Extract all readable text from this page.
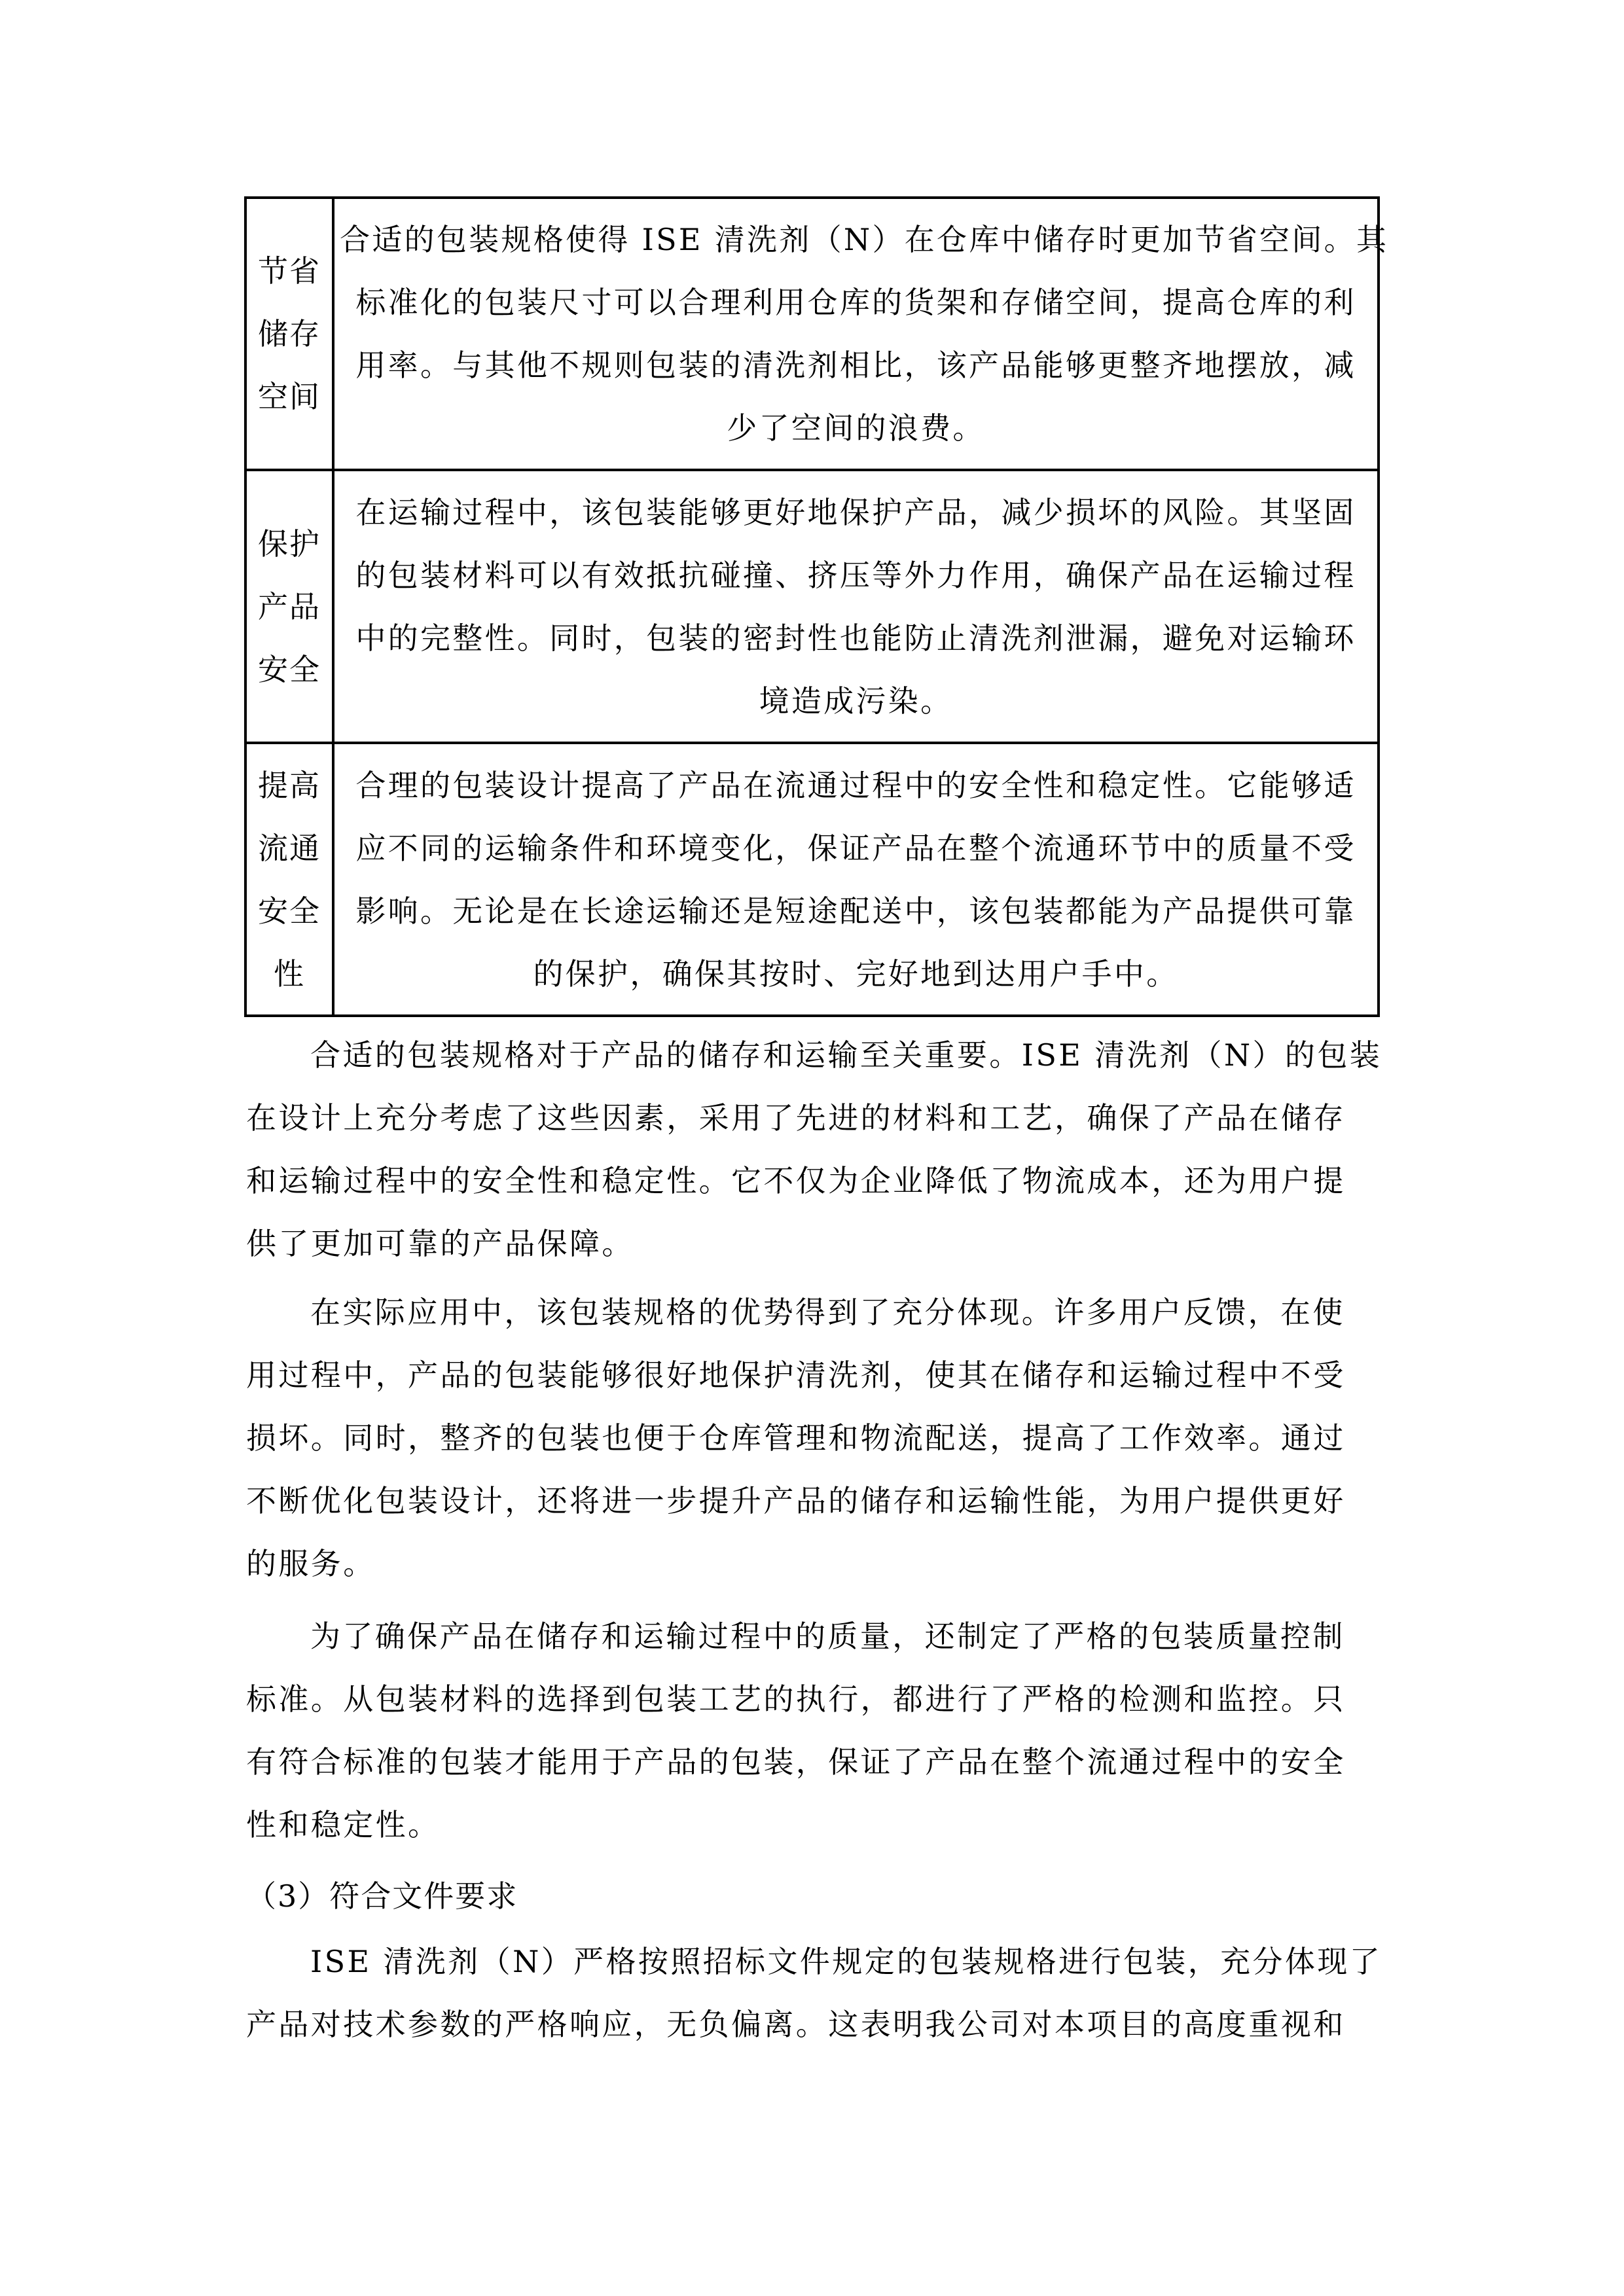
节省
储存
空间	合适的包装规格使得 ISE 清洗剂（N）在仓库中储存时更加节省空间。其
标准化的包装尺寸可以合理利用仓库的货架和存储空间，提高仓库的利
用率。与其他不规则包装的清洗剂相比，该产品能够更整齐地摆放，减
少了空间的浪费。

保护
产品
安全	在运输过程中，该包装能够更好地保护产品，减少损坏的风险。其坚固
的包装材料可以有效抵抗碰撞、挤压等外力作用，确保产品在运输过程
中的完整性。同时，包装的密封性也能防止清洗剂泄漏，避免对运输环
境造成污染。

提高
流通
安全
性	合理的包装设计提高了产品在流通过程中的安全性和稳定性。它能够适
应不同的运输条件和环境变化，保证产品在整个流通环节中的质量不受
影响。无论是在长途运输还是短途配送中，该包装都能为产品提供可靠
的保护，确保其按时、完好地到达用户手中。
合适的包装规格对于产品的储存和运输至关重要。ISE 清洗剂（N）的包装
在设计上充分考虑了这些因素，采用了先进的材料和工艺，确保了产品在储存
和运输过程中的安全性和稳定性。它不仅为企业降低了物流成本，还为用户提
供了更加可靠的产品保障。
在实际应用中，该包装规格的优势得到了充分体现。许多用户反馈，在使
用过程中，产品的包装能够很好地保护清洗剂，使其在储存和运输过程中不受
损坏。同时，整齐的包装也便于仓库管理和物流配送，提高了工作效率。通过
不断优化包装设计，还将进一步提升产品的储存和运输性能，为用户提供更好
的服务。
为了确保产品在储存和运输过程中的质量，还制定了严格的包装质量控制
标准。从包装材料的选择到包装工艺的执行，都进行了严格的检测和监控。只
有符合标准的包装才能用于产品的包装，保证了产品在整个流通过程中的安全
性和稳定性。
（3）符合文件要求
ISE 清洗剂（N）严格按照招标文件规定的包装规格进行包装，充分体现了
产品对技术参数的严格响应，无负偏离。这表明我公司对本项目的高度重视和
